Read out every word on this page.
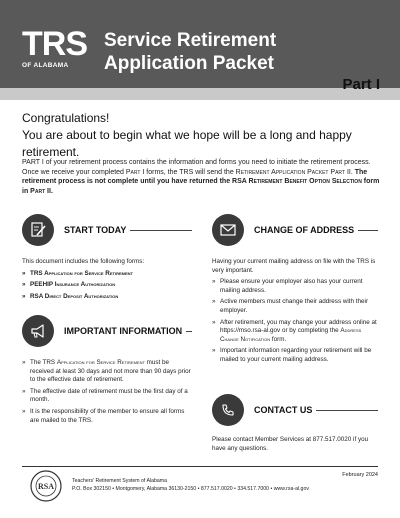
TRS
OF ALABAMA
Service Retirement
Application Packet
Part I
Congratulations!
You are about to begin what we hope will be a long and happy retirement.
PART I of your retirement process contains the information and forms you need to initiate the retirement process. Once we receive your completed Part I forms, the TRS will send the Retirement Application Packet Part II. The retirement process is not complete until you have returned the RSA Retirement Benefit Option Selection form in Part II.
START TODAY
This document includes the following forms:
» TRS Application for Service Retirement
» PEEHIP Insurance Authorization
» RSA Direct Deposit Authorization
IMPORTANT INFORMATION
» The TRS Application for Service Retirement must be received at least 30 days and not more than 90 days prior to the effective date of retirement.
» The effective date of retirement must be the first day of a month.
» It is the responsibility of the member to ensure all forms are mailed to the TRS.
CHANGE OF ADDRESS
Having your current mailing address on file with the TRS is very important.
» Please ensure your employer also has your current mailing address.
» Active members must change their address with their employer.
» After retirement, you may change your address online at https://mso.rsa-al.gov or by completing the Address Change Notification form.
» Important information regarding your retirement will be mailed to your current mailing address.
CONTACT US
Please contact Member Services at 877.517.0020 if you have any questions.
RSA
Teachers’ Retirement System of Alabama
P.O. Box 302150 • Montgomery, Alabama 36130-2150 • 877.517.0020 • 334.517.7000 • www.rsa-al.gov
February 2024
